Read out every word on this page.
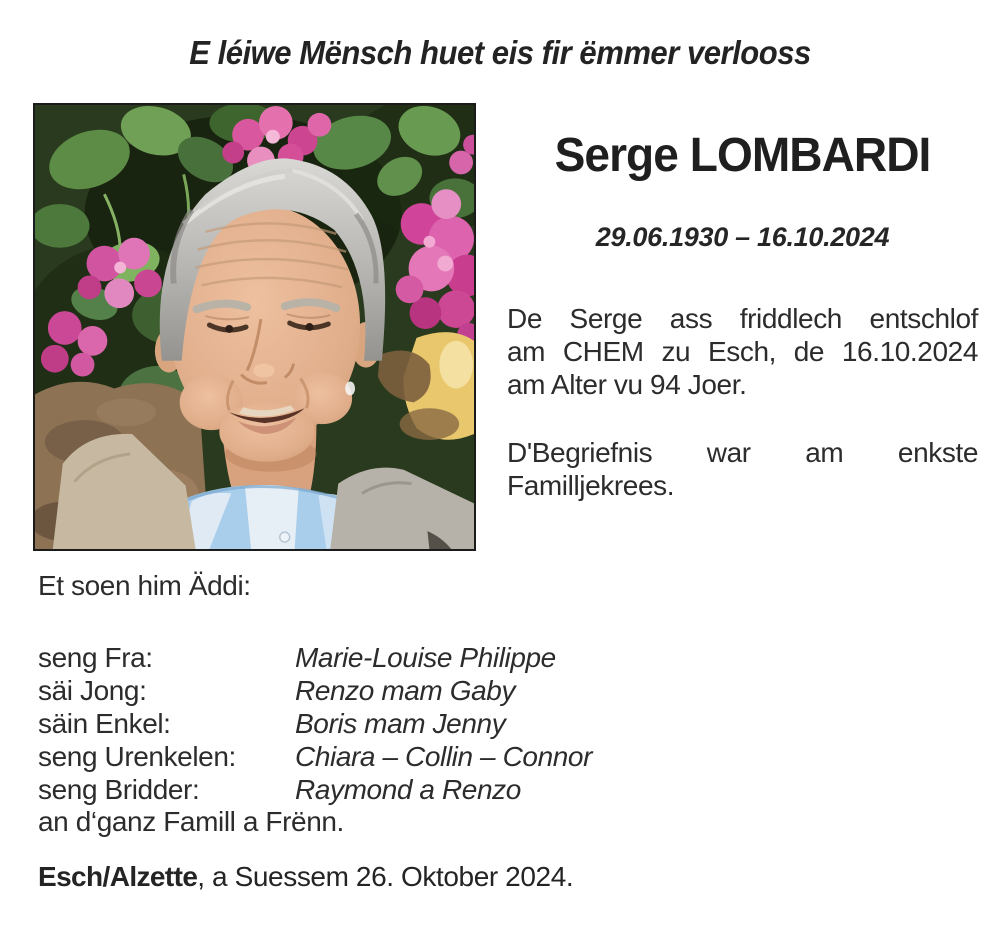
E léiwe Mënsch huet eis fir ëmmer verlooss
Serge LOMBARDI
29.06.1930 – 16.10.2024
De Serge ass friddlech entschlof
am CHEM zu Esch, de 16.10.2024
am Alter vu 94 Joer.
D'Begriefnis war am enkste
Familljekrees.
Et soen him Äddi:
seng Fra:	Marie-Louise Philippe
säi Jong:	Renzo mam Gaby
säin Enkel:	Boris mam Jenny
seng Urenkelen:	Chiara – Collin – Connor
seng Bridder:	Raymond a Renzo
an d‘ganz Famill a Frënn.
Esch/Alzette, a Suessem 26. Oktober 2024.
